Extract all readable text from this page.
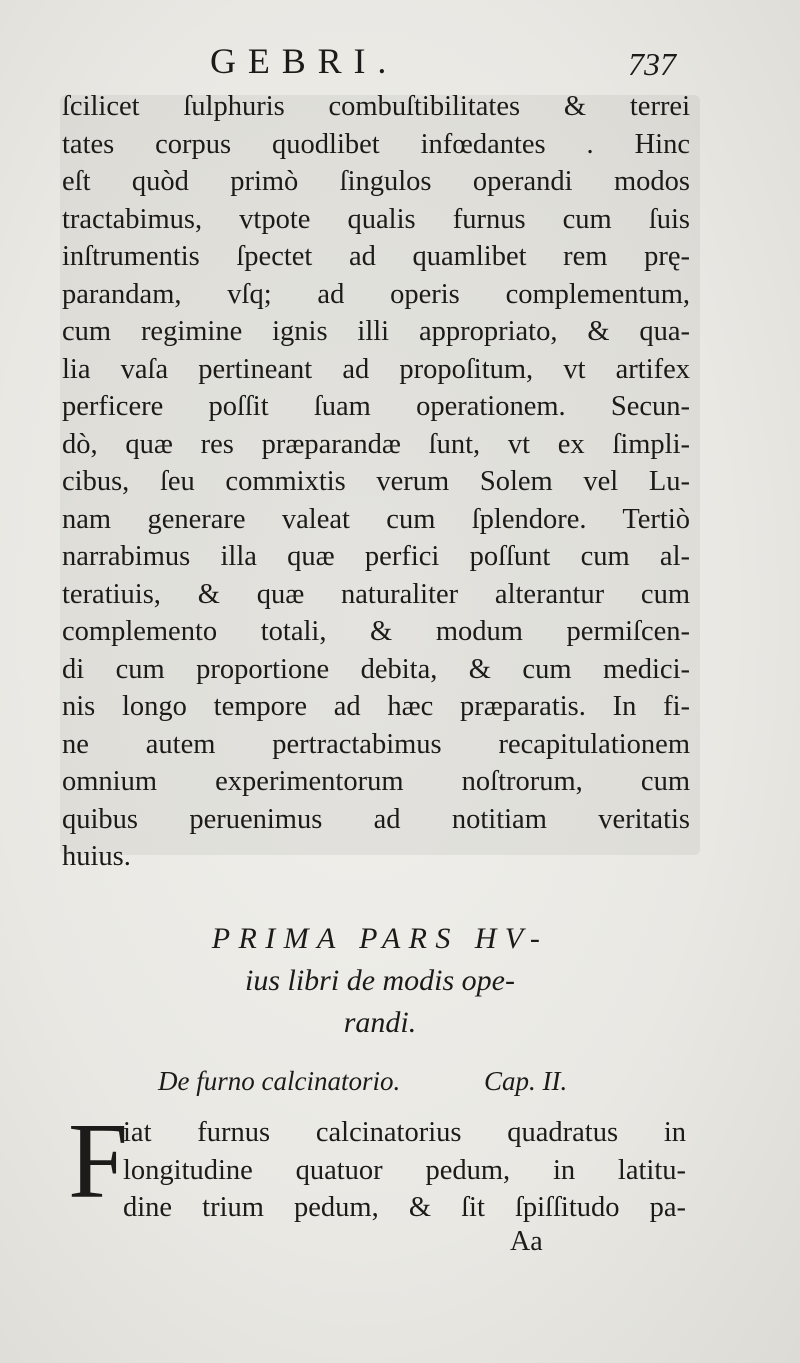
GEBRI.	737
ſcilicet ſulphuris combuſtibilitates & terrei
tates corpus quodlibet infœdantes . Hinc
eſt quòd primò ſingulos operandi modos
tractabimus, vtpote qualis furnus cum ſuis
inſtrumentis ſpectet ad quamlibet rem prę-
parandam, vſq; ad operis complementum,
cum regimine ignis illi appropriato, & qua-
lia vaſa pertineant ad propoſitum, vt artifex
perficere poſſit ſuam operationem. Secun-
dò, quæ res præparandæ ſunt, vt ex ſimpli-
cibus, ſeu commixtis verum Solem vel Lu-
nam generare valeat cum ſplendore. Tertiò
narrabimus illa quæ perfici poſſunt cum al-
teratiuis, & quæ naturaliter alterantur cum
complemento totali, & modum permiſcen-
di cum proportione debita, & cum medici-
nis longo tempore ad hæc præparatis. In fi-
ne autem pertractabimus recapitulationem
omnium experimentorum noſtrorum, cum
quibus peruenimus ad notitiam veritatis
huius.
PRIMA PARS HV-
ius libri de modis ope-
randi.
De furno calcinatorio.	Cap. II.
F
iat furnus calcinatorius quadratus in
longitudine quatuor pedum, in latitu-
dine trium pedum, & ſit ſpiſſitudo pa-
Aa
